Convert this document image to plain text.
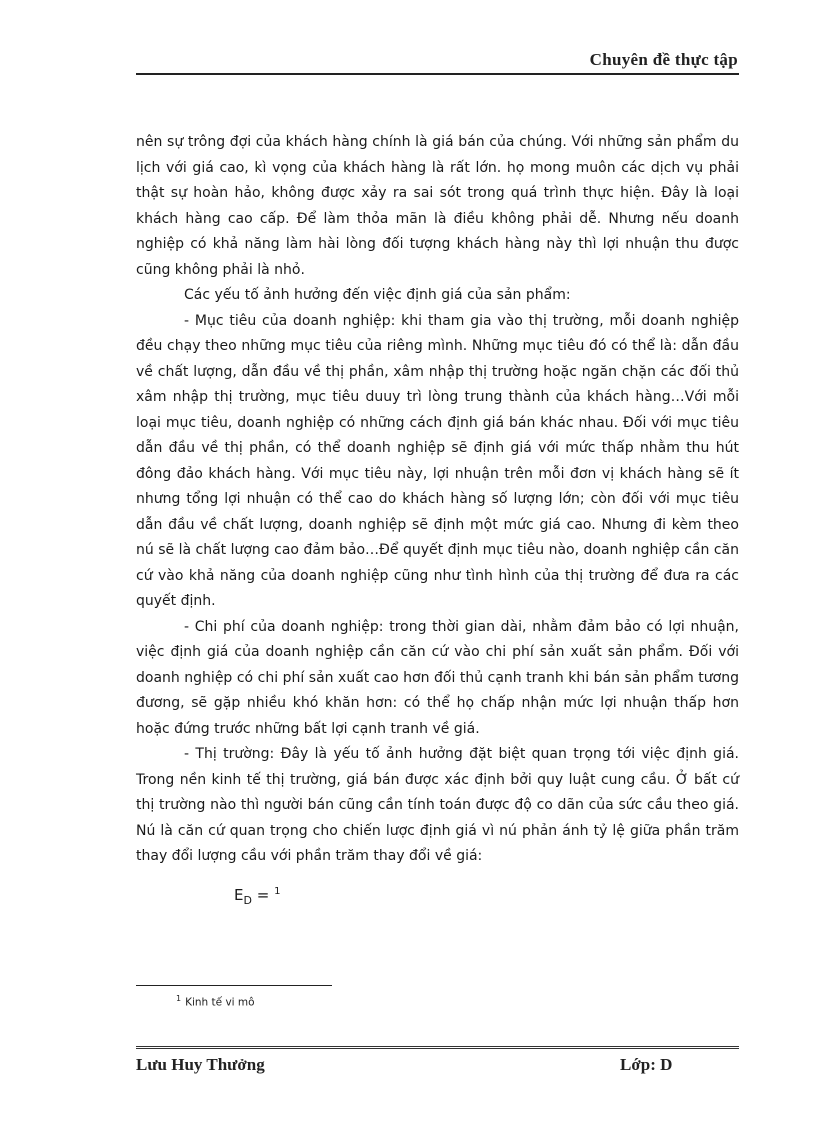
Chuyên đề thực tập

nên sự trông đợi của khách hàng chính là giá bán của chúng. Với những sản phẩm du lịch với giá cao, kì vọng của khách hàng là rất lớn. họ mong muôn các dịch vụ phải thật sự hoàn hảo, không được xảy ra sai sót trong quá trình thực hiện. Đây là loại khách hàng cao cấp. Để làm thỏa mãn là điều không phải dễ. Nhưng nếu doanh nghiệp có khả năng làm hài lòng đối tượng khách hàng này thì lợi nhuận thu được cũng không phải là nhỏ.

Các yếu tố ảnh hưởng đến việc định giá của sản phẩm:

- Mục tiêu của doanh nghiệp: khi tham gia vào thị trường, mỗi doanh nghiệp đều chạy theo những mục tiêu của riêng mình. Những mục tiêu đó có thể là: dẫn đầu về chất lượng, dẫn đầu về thị phần, xâm nhập thị trường hoặc ngăn chặn các đối thủ xâm nhập thị trường, mục tiêu duuy trì lòng trung thành của khách hàng…Với mỗi loại mục tiêu, doanh nghiệp có những cách định giá bán khác nhau. Đối với mục tiêu dẫn đầu về thị phần, có thể doanh nghiệp sẽ định giá với mức thấp nhằm thu hút đông đảo khách hàng. Với mục tiêu này, lợi nhuận trên mỗi đơn vị khách hàng sẽ ít nhưng tổng lợi nhuận có thể cao do khách hàng số lượng lớn; còn đối với mục tiêu dẫn đầu về chất lượng, doanh nghiệp sẽ định một mức giá cao. Nhưng đi kèm theo nú sẽ là chất lượng cao đảm bảo…Để quyết định mục tiêu nào, doanh nghiệp cần căn cứ vào khả năng của doanh nghiệp cũng như tình hình của thị trường để đưa ra các quyết định.

- Chi phí của doanh nghiệp: trong thời gian dài, nhằm đảm bảo có lợi nhuận, việc định giá của doanh nghiệp cần căn cứ vào chi phí sản xuất sản phẩm. Đối với doanh nghiệp có chi phí sản xuất cao hơn đối thủ cạnh tranh khi bán sản phẩm tương đương, sẽ gặp nhiều khó khăn hơn: có thể họ chấp nhận mức lợi nhuận thấp hơn hoặc đứng trước những bất lợi cạnh tranh về giá.

- Thị trường: Đây là yếu tố ảnh hưởng đặt biệt quan trọng tới việc định giá. Trong nền kinh tế thị trường, giá bán được xác định bởi quy luật cung cầu. Ở bất cứ thị trường nào thì người bán cũng cần tính toán được độ co dãn của sức cầu theo giá. Nú là căn cứ quan trọng cho chiến lược định giá vì nú phản ánh tỷ lệ giữa phần trăm thay đổi lượng cầu với phần trăm thay đổi về giá:

$E_D = ^1$
$^1$ Kinh tế vi mô
Lưu Huy Thưởng	Lớp: D
